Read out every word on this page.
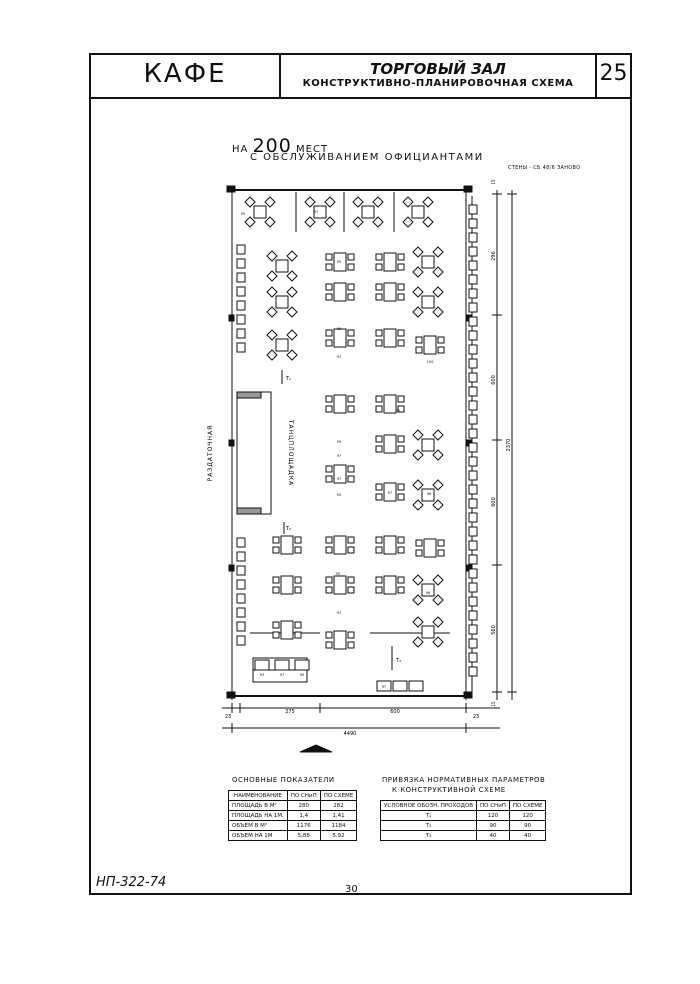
КАФЕ	ТОРГОВЫЙ ЗАЛ
КОНСТРУКТИВНО-ПЛАНИРОВОЧНАЯ СХЕМА	25
НА 200 МЕСТ
С ОБСЛУЖИВАНИЕМ ОФИЦИАНТАМИ
СТЕНЫ - СБ 48/6 ЗАНОВО
95	97
95
95
97
100
95
99
97
95	97	96
97
95
97
96
93	97	95
97
РАЗДАТОЧНАЯ	ТАНЦПЛОЩАДКА
23
275	600
23
4490
296
600
600
560
2370
15
15
T₁
T₂
T₃
ОСНОВНЫЕ ПОКАЗАТЕЛИ
НАИМЕНОВАНИЕ	ПО СНиП	ПО СХЕМЕ
ПЛОЩАДЬ В М²	280	282
ПЛОЩАДЬ НА 1М.	1,4	1,41
ОБЪЕМ В М³	1176	1184
ОБЪЕМ НА 1М	5,88	5,92
ПРИВЯЗКА НОРМАТИВНЫХ ПАРАМЕТРОВ
К КОНСТРУКТИВНОЙ СХЕМЕ
УСЛОВНОЕ ОБОЗН. ПРОХОДОВ	ПО СНиП	ПО СХЕМЕ
T₁	120	120
T₂	90	90
T₃	40	40
НП-322-74	30
